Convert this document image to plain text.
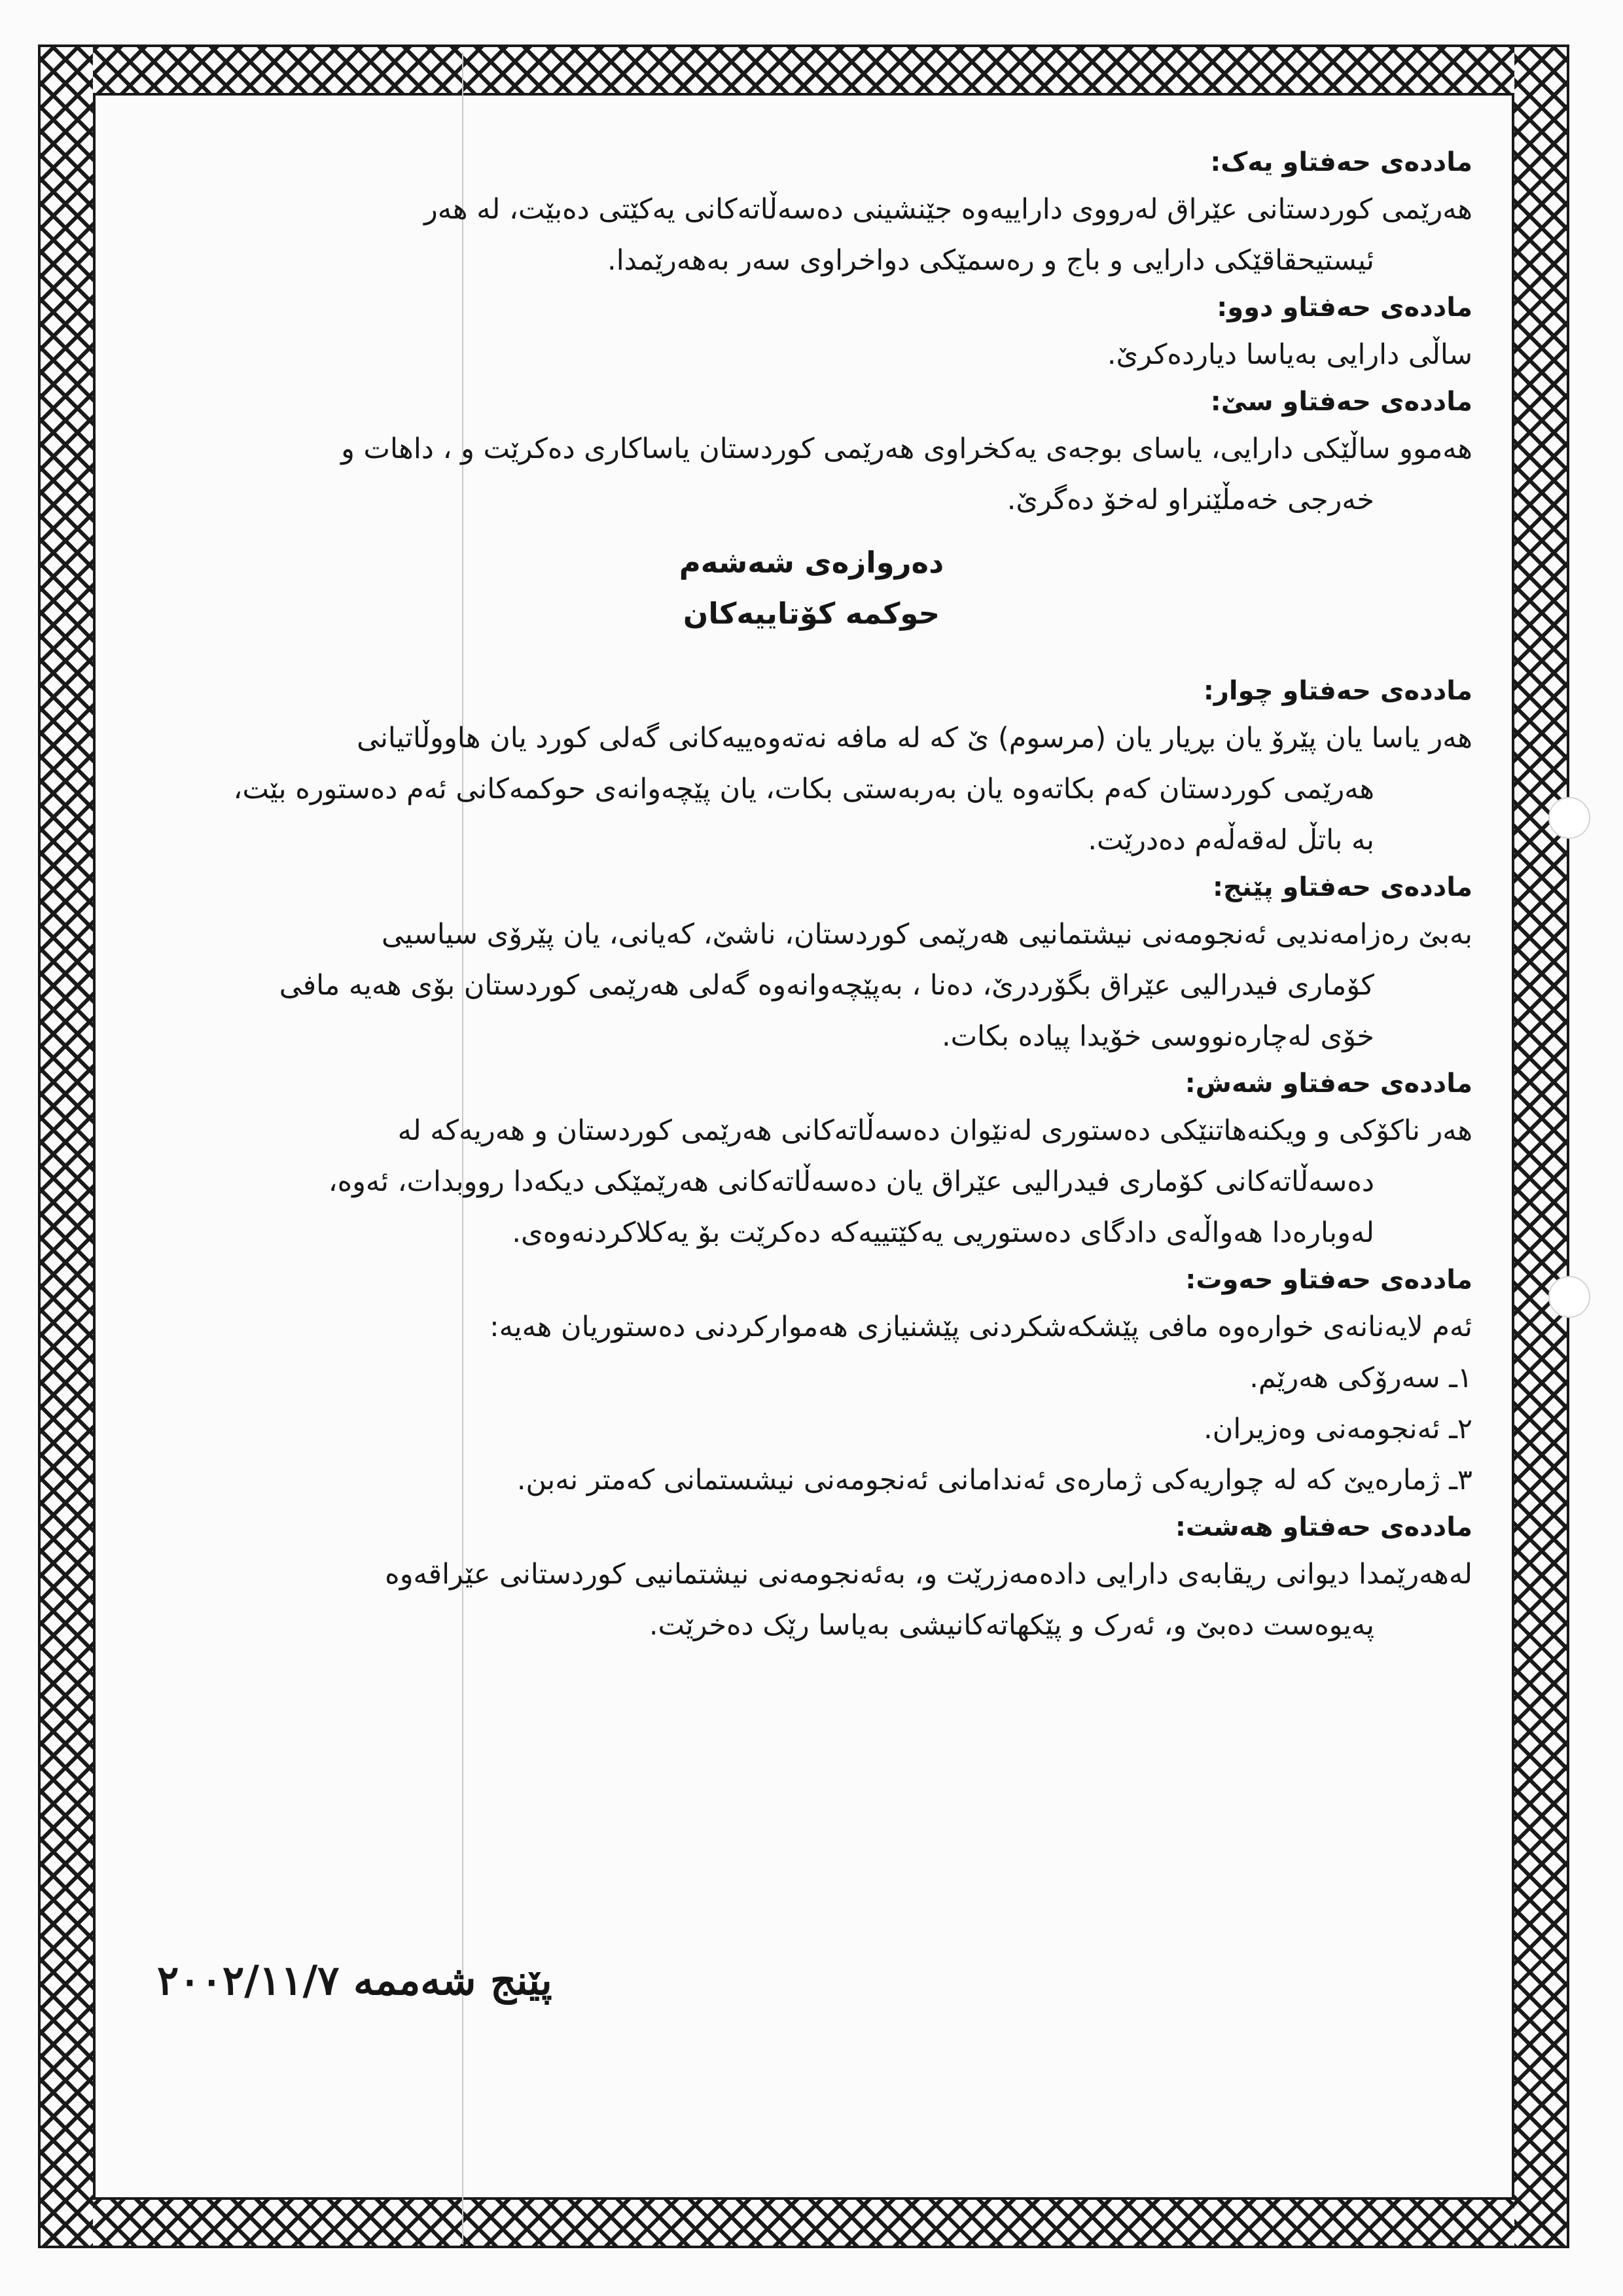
ماددەی حەفتاو یەک:

هەرێمی کوردستانی عێراق لەرووی داراییەوە جێنشینی دەسەڵاتەکانی یەکێتی دەبێت، لە هەر

ئیستیحقاقێکی دارایی و باج و رەسمێکی دواخراوی سەر بەهەرێمدا.

ماددەی حەفتاو دوو:

ساڵی دارایی بەیاسا دیاردەکرێ.

ماددەی حەفتاو سێ:

هەموو ساڵێکی دارایی، یاسای بوجەی یەکخراوی هەرێمی کوردستان یاساکاری دەکرێت و ، داهات و

خەرجی خەمڵێنراو لەخۆ دەگرێ.

دەروازەی شەشەم

حوکمە کۆتاییەکان

ماددەی حەفتاو چوار:

هەر یاسا یان پێرۆ یان بڕیار یان (مرسوم) ێ کە لە مافە نەتەوەییەکانی گەلی کورد یان هاووڵاتیانی

هەرێمی کوردستان کەم بکاتەوە یان بەربەستی بکات، یان پێچەوانەی حوکمەکانی ئەم دەستورە بێت،

بە باتڵ لەقەڵەم دەدرێت.

ماددەی حەفتاو پێنج:

بەبێ رەزامەندیی ئەنجومەنی نیشتمانیی هەرێمی کوردستان، ناشێ، کەیانی، یان پێرۆی سیاسیی

کۆماری فیدرالیی عێراق بگۆردرێ، دەنا ، بەپێچەوانەوە گەلی هەرێمی کوردستان بۆی هەیە مافی

خۆی لەچارەنووسی خۆیدا پیادە بکات.

ماددەی حەفتاو شەش:

هەر ناکۆکی و ویکنەهاتنێکی دەستوری لەنێوان دەسەڵاتەکانی هەرێمی کوردستان و هەریەکە لە

دەسەڵاتەکانی کۆماری فیدرالیی عێراق یان دەسەڵاتەکانی هەرێمێکی دیکەدا رووبدات، ئەوە،

لەوبارەدا هەواڵەی دادگای دەستوریی یەکێتییەکە دەکرێت بۆ یەکلاکردنەوەی.

ماددەی حەفتاو حەوت:

ئەم لایەنانەی خوارەوە مافی پێشکەشکردنی پێشنیازی هەموارکردنی دەستوریان هەیە:

١ـ سەرۆکی هەرێم.

٢ـ ئەنجومەنی وەزیران.

٣ـ ژمارەیێ کە لە چواریەکی ژمارەی ئەندامانی ئەنجومەنی نیشستمانی کەمتر نەبن.

ماددەی حەفتاو هەشت:

لەهەرێمدا دیوانی ریقابەی دارایی دادەمەزرێت و، بەئەنجومەنی نیشتمانیی کوردستانی عێراقەوە

پەیوەست دەبێ و، ئەرک و پێکهاتەکانیشی بەیاسا رێک دەخرێت.

پێنج شەممە ٢٠٠٢/١١/٧
